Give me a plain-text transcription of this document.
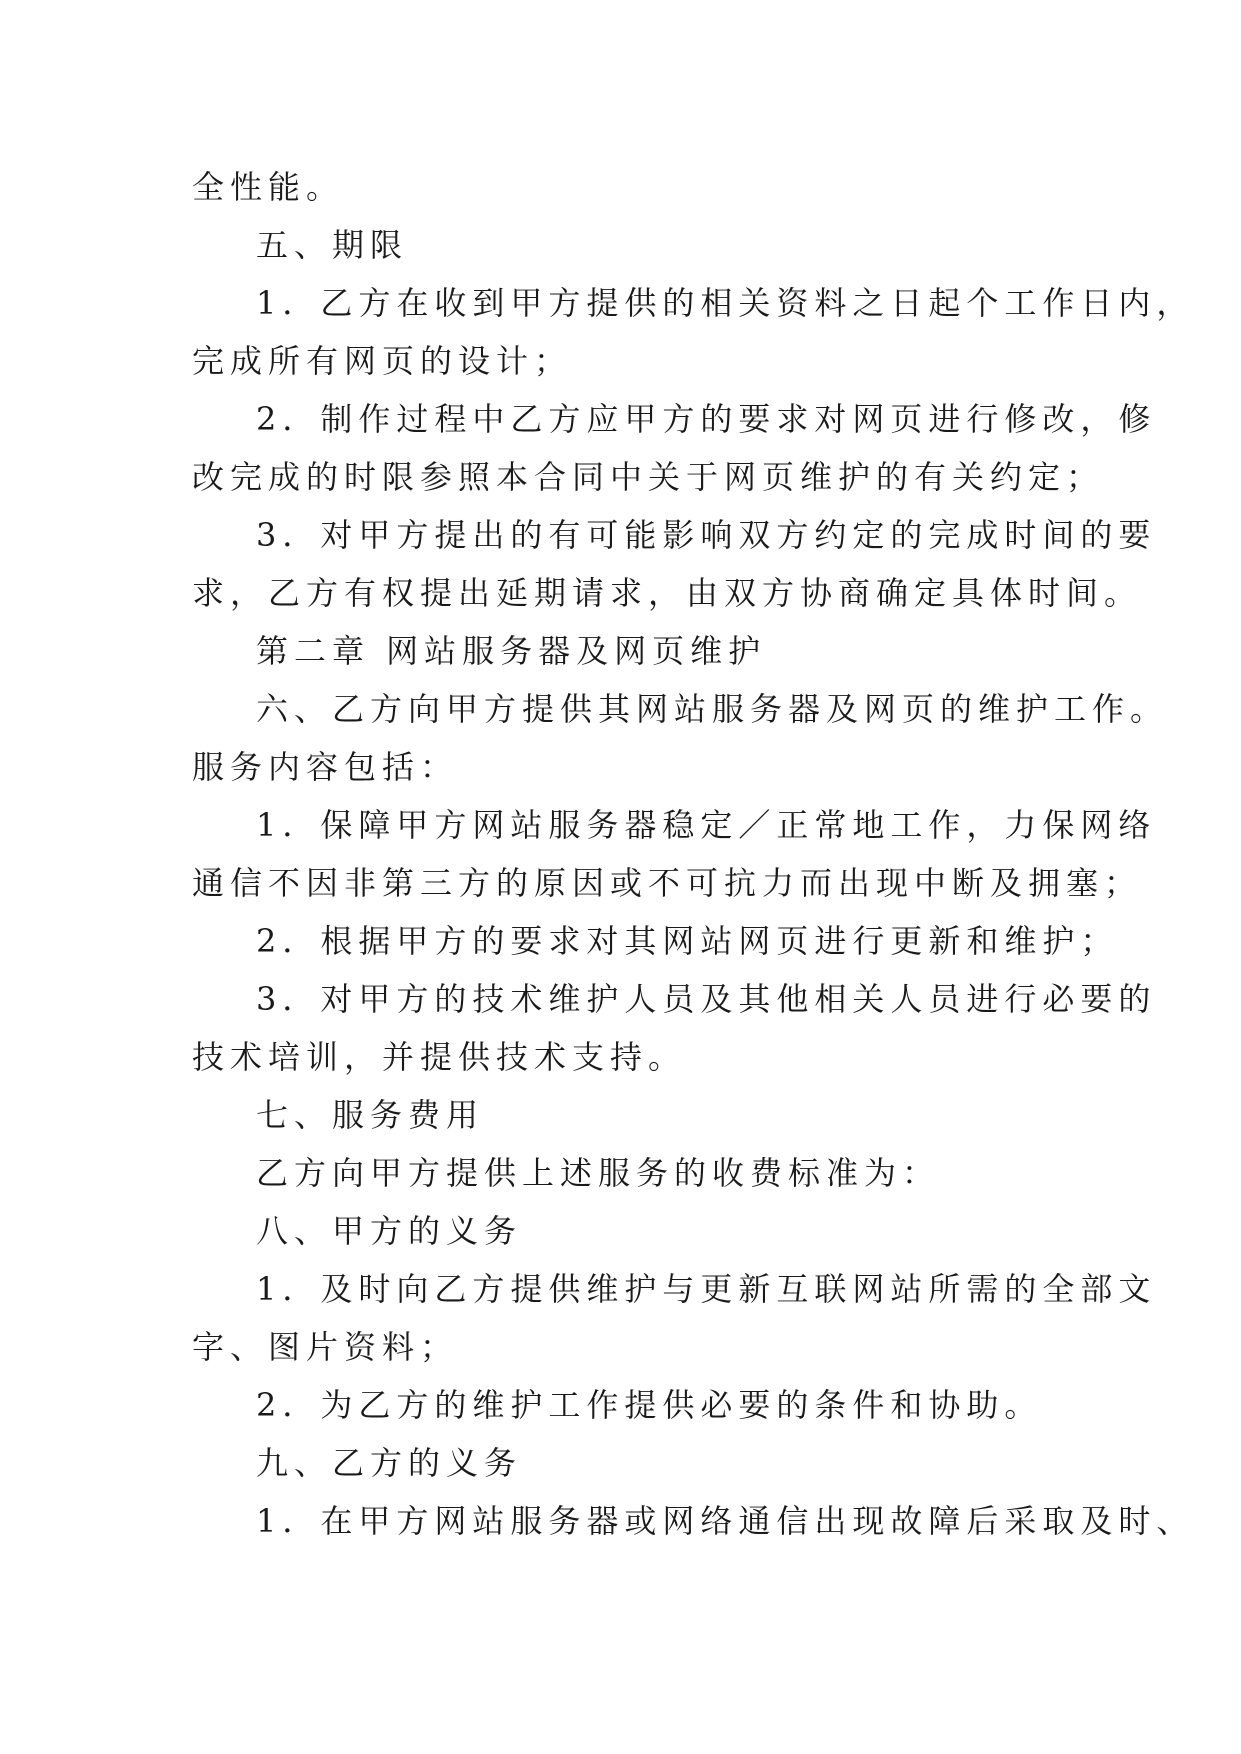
全性能。
五、期限
1．乙方在收到甲方提供的相关资料之日起个工作日内，
完成所有网页的设计；
2．制作过程中乙方应甲方的要求对网页进行修改，修
改完成的时限参照本合同中关于网页维护的有关约定；
3．对甲方提出的有可能影响双方约定的完成时间的要
求，乙方有权提出延期请求，由双方协商确定具体时间。
第二章 网站服务器及网页维护
六、乙方向甲方提供其网站服务器及网页的维护工作。
服务内容包括：
1．保障甲方网站服务器稳定／正常地工作，力保网络
通信不因非第三方的原因或不可抗力而出现中断及拥塞；
2．根据甲方的要求对其网站网页进行更新和维护；
3．对甲方的技术维护人员及其他相关人员进行必要的
技术培训，并提供技术支持。
七、服务费用
乙方向甲方提供上述服务的收费标准为：
八、甲方的义务
1．及时向乙方提供维护与更新互联网站所需的全部文
字、图片资料；
2．为乙方的维护工作提供必要的条件和协助。
九、乙方的义务
1．在甲方网站服务器或网络通信出现故障后采取及时、
